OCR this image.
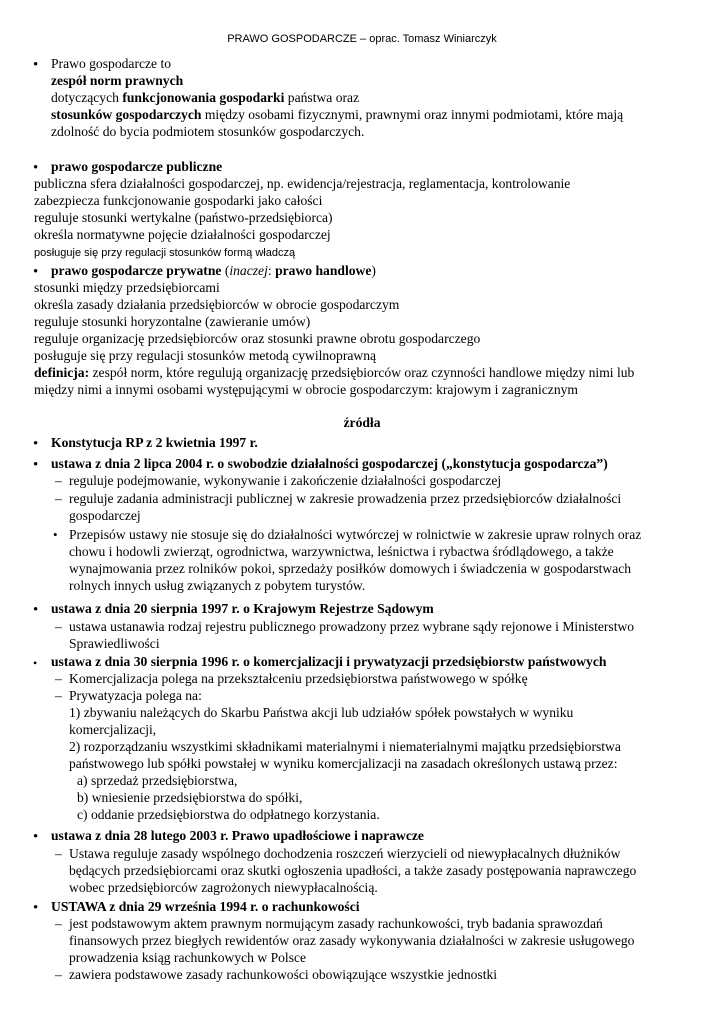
PRAWO GOSPODARCZE – oprac. Tomasz Winiarczyk
• Prawo gospodarcze to
zespół norm prawnych
dotyczących funkcjonowania gospodarki państwa oraz
stosunków gospodarczych między osobami fizycznymi, prawnymi oraz innymi podmiotami, które mają
zdolność do bycia podmiotem stosunków gospodarczych.
• prawo gospodarcze publiczne
publiczna sfera działalności gospodarczej, np. ewidencja/rejestracja, reglamentacja, kontrolowanie
zabezpiecza funkcjonowanie gospodarki jako całości
reguluje stosunki wertykalne (państwo-przedsiębiorca)
określa normatywne pojęcie działalności gospodarczej
posługuje się przy regulacji stosunków formą władczą
• prawo gospodarcze prywatne (inaczej: prawo handlowe)
stosunki między przedsiębiorcami
określa zasady działania przedsiębiorców w obrocie gospodarczym
reguluje stosunki horyzontalne (zawieranie umów)
reguluje organizację przedsiębiorców oraz stosunki prawne obrotu gospodarczego
posługuje się przy regulacji stosunków metodą cywilnoprawną
definicja: zespół norm, które regulują organizację przedsiębiorców oraz czynności handlowe między nimi lub
między nimi a innymi osobami występującymi w obrocie gospodarczym: krajowym i zagranicznym
źródła
• Konstytucja RP z 2 kwietnia 1997 r.
• ustawa z dnia 2 lipca 2004 r. o swobodzie działalności gospodarczej („konstytucja gospodarcza”)
– reguluje podejmowanie, wykonywanie i zakończenie działalności gospodarczej
– reguluje zadania administracji publicznej w zakresie prowadzenia przez przedsiębiorców działalności
gospodarczej
• Przepisów ustawy nie stosuje się do działalności wytwórczej w rolnictwie w zakresie upraw rolnych oraz
chowu i hodowli zwierząt, ogrodnictwa, warzywnictwa, leśnictwa i rybactwa śródlądowego, a także
wynajmowania przez rolników pokoi, sprzedaży posiłków domowych i świadczenia w gospodarstwach
rolnych innych usług związanych z pobytem turystów.
• ustawa z dnia 20 sierpnia 1997 r. o Krajowym Rejestrze Sądowym
– ustawa ustanawia rodzaj rejestru publicznego prowadzony przez wybrane sądy rejonowe i Ministerstwo
Sprawiedliwości
• ustawa z dnia 30 sierpnia 1996 r. o komercjalizacji i prywatyzacji przedsiębiorstw państwowych
– Komercjalizacja polega na przekształceniu przedsiębiorstwa państwowego w spółkę
– Prywatyzacja polega na:
1) zbywaniu należących do Skarbu Państwa akcji lub udziałów spółek powstałych w wyniku
komercjalizacji,
2) rozporządzaniu wszystkimi składnikami materialnymi i niematerialnymi majątku przedsiębiorstwa
państwowego lub spółki powstałej w wyniku komercjalizacji na zasadach określonych ustawą przez:
a) sprzedaż przedsiębiorstwa,
b) wniesienie przedsiębiorstwa do spółki,
c) oddanie przedsiębiorstwa do odpłatnego korzystania.
• ustawa z dnia 28 lutego 2003 r. Prawo upadłościowe i naprawcze
– Ustawa reguluje zasady wspólnego dochodzenia roszczeń wierzycieli od niewypłacalnych dłużników
będących przedsiębiorcami oraz skutki ogłoszenia upadłości, a także zasady postępowania naprawczego
wobec przedsiębiorców zagrożonych niewypłacalnością.
• USTAWA z dnia 29 września 1994 r. o rachunkowości
– jest podstawowym aktem prawnym normującym zasady rachunkowości, tryb badania sprawozdań
finansowych przez biegłych rewidentów oraz zasady wykonywania działalności w zakresie usługowego
prowadzenia ksiąg rachunkowych w Polsce
– zawiera podstawowe zasady rachunkowości obowiązujące wszystkie jednostki
